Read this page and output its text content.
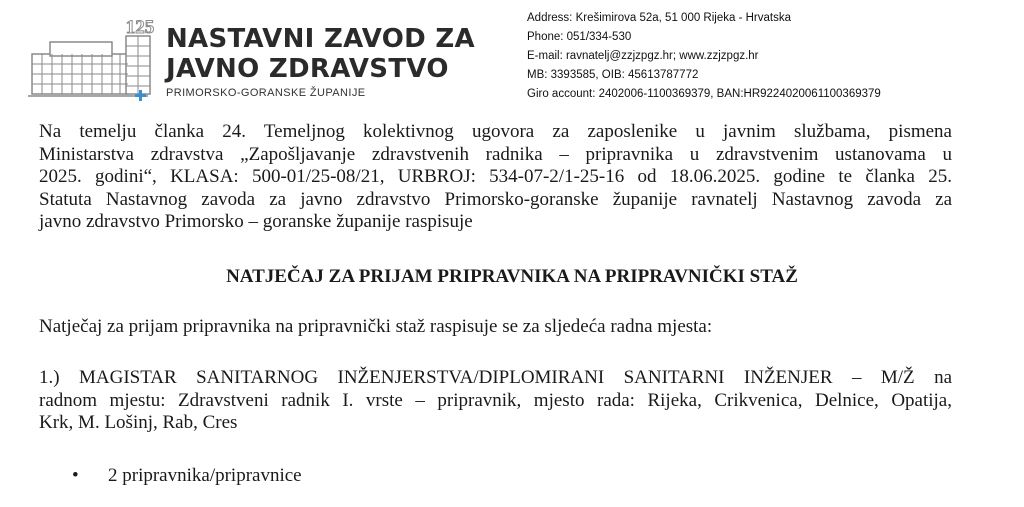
125 NASTAVNI ZAVOD ZA
JAVNO ZDRAVSTVO
PRIMORSKO-GORANSKE ŽUPANIJE
Address: Krešimirova 52a, 51 000 Rijeka - Hrvatska
Phone: 051/334-530
E-mail: ravnatelj@zzjzpgz.hr; www.zzjzpgz.hr
MB: 3393585, OIB: 45613787772
Giro account: 2402006-1100369379, BAN:HR9224020061100369379
Na temelju članka 24. Temeljnog kolektivnog ugovora za zaposlenike u javnim službama, pismena
Ministarstva zdravstva „Zapošljavanje zdravstvenih radnika – pripravnika u zdravstvenim ustanovama u
2025. godini“, KLASA: 500-01/25-08/21, URBROJ: 534-07-2/1-25-16 od 18.06.2025. godine te članka 25.
Statuta Nastavnog zavoda za javno zdravstvo Primorsko-goranske županije ravnatelj Nastavnog zavoda za
javno zdravstvo Primorsko – goranske županije raspisuje
NATJEČAJ ZA PRIJAM PRIPRAVNIKA NA PRIPRAVNIČKI STAŽ
Natječaj za prijam pripravnika na pripravnički staž raspisuje se za sljedeća radna mjesta:
1.) MAGISTAR SANITARNOG INŽENJERSTVA/DIPLOMIRANI SANITARNI INŽENJER – M/Ž na
radnom mjestu: Zdravstveni radnik I. vrste – pripravnik, mjesto rada: Rijeka, Crikvenica, Delnice, Opatija,
Krk, M. Lošinj, Rab, Cres
• 2 pripravnika/pripravnice
